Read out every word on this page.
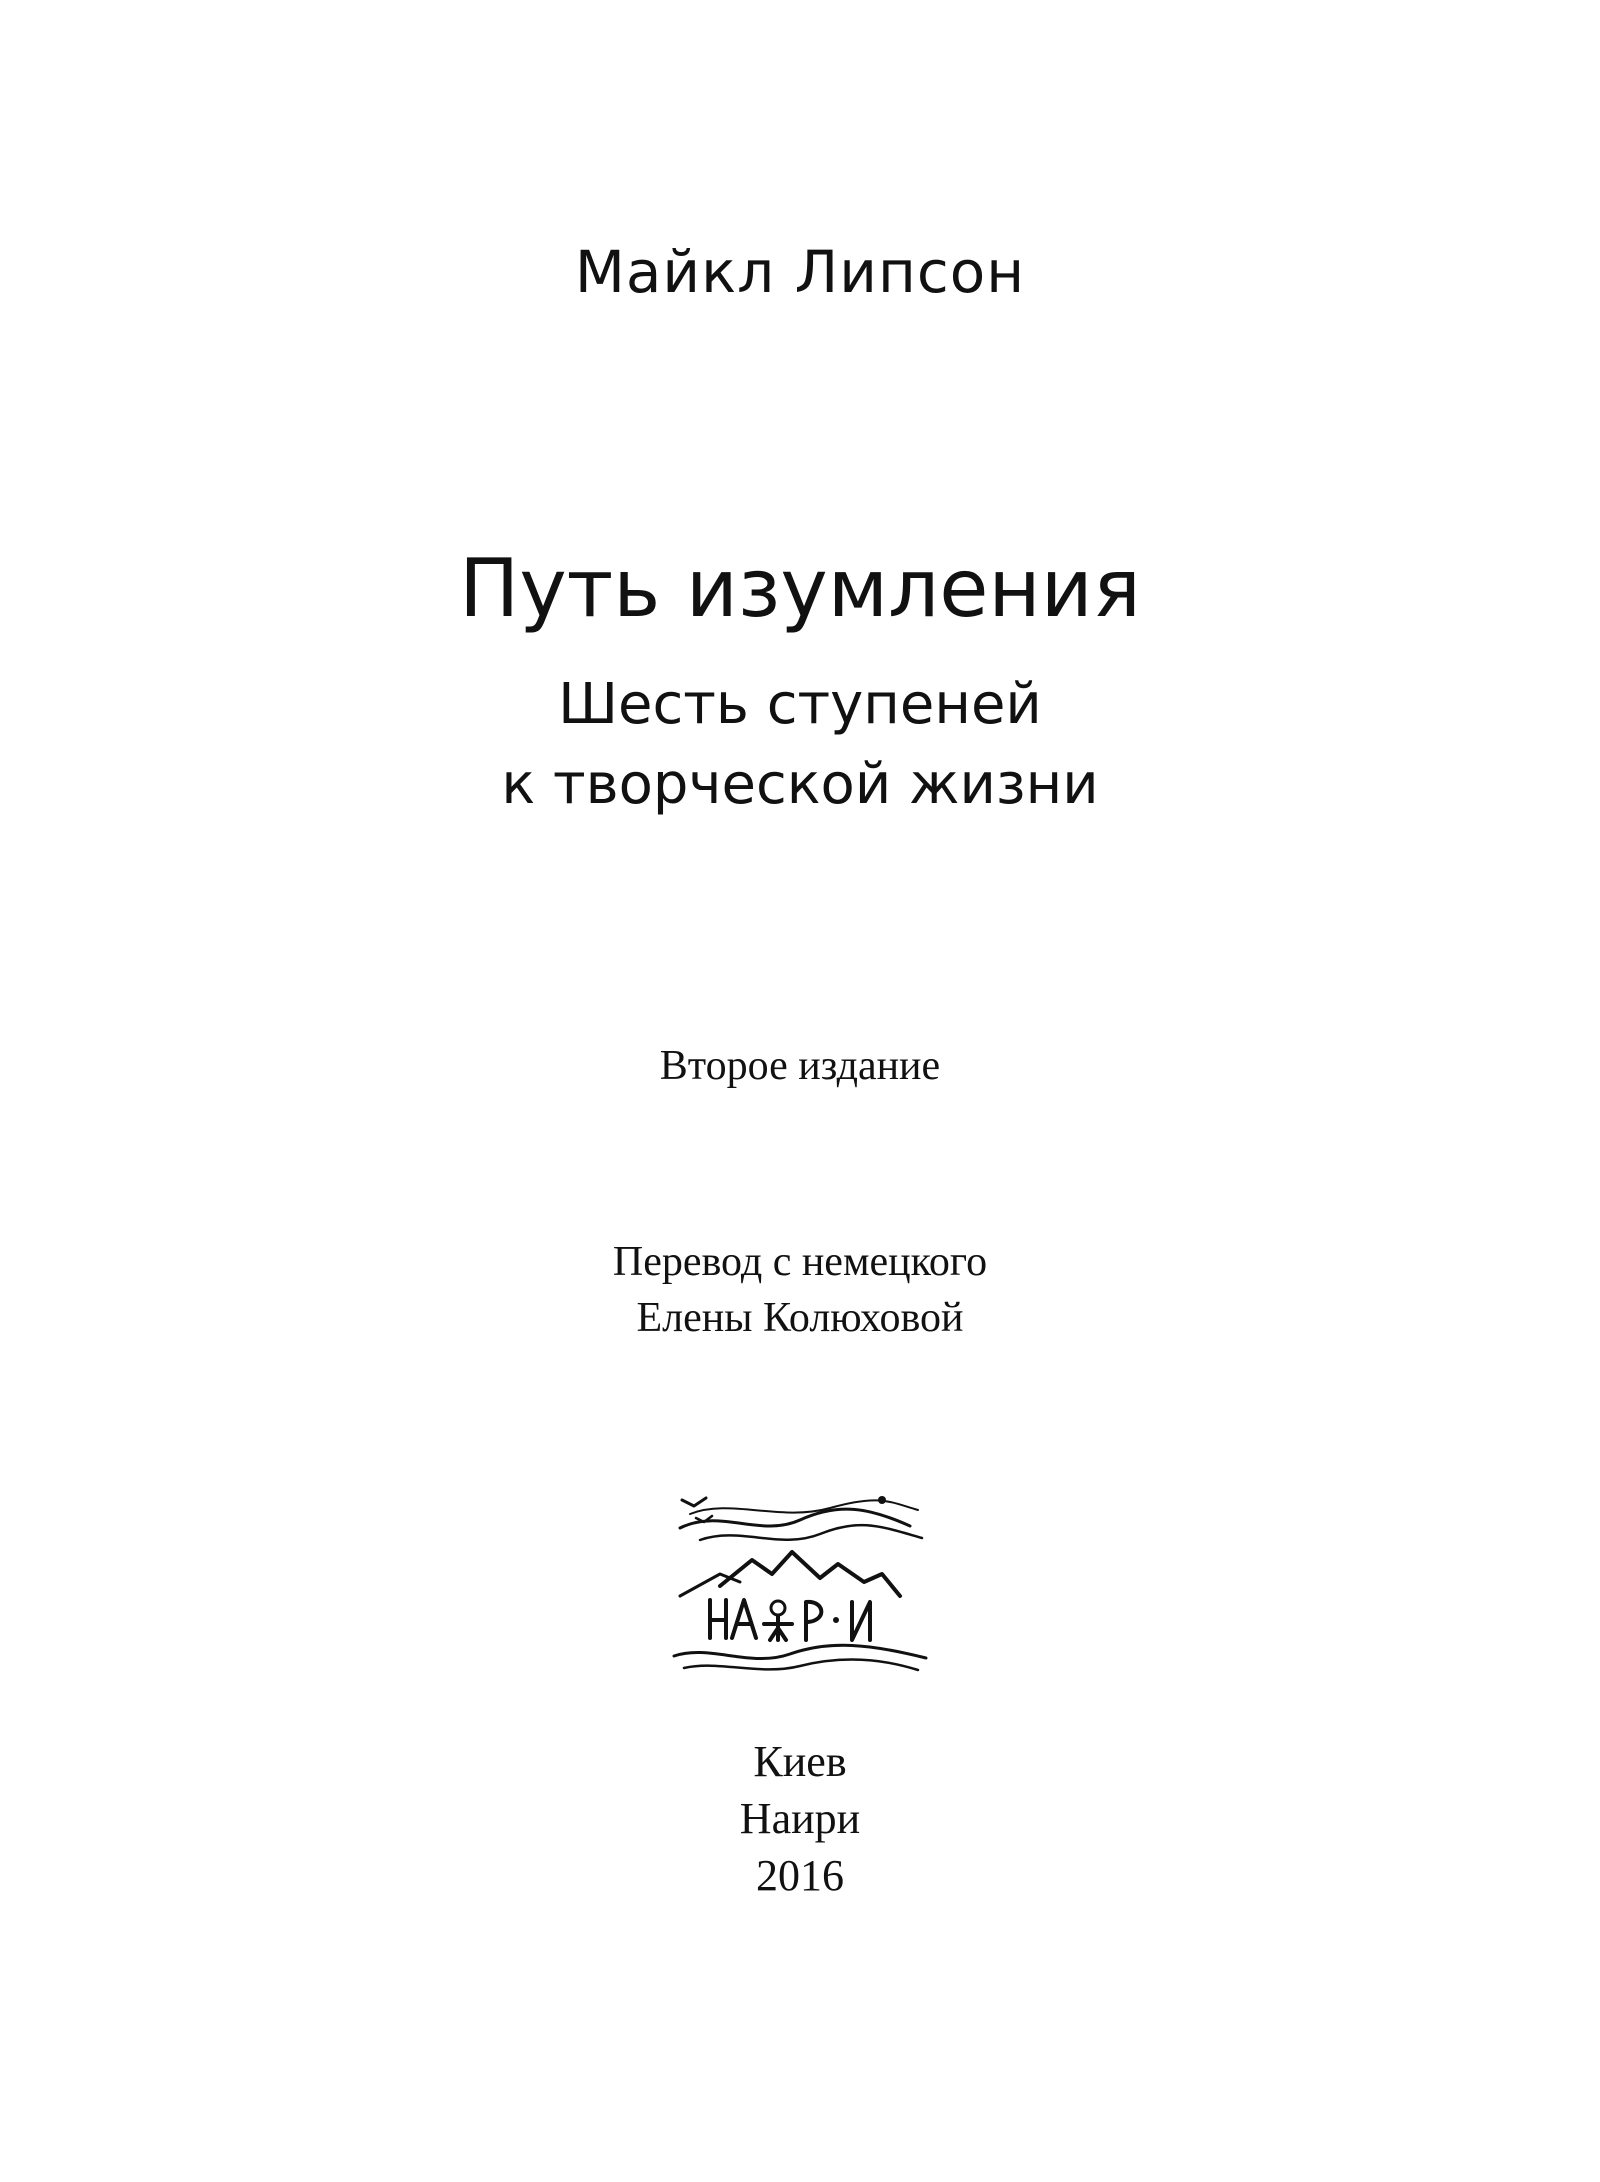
Майкл Липсон
Путь изумления
Шесть ступеней
к творческой жизни
Второе издание
Перевод с немецкого
Елены Колюховой
Киев
Наири
2016
